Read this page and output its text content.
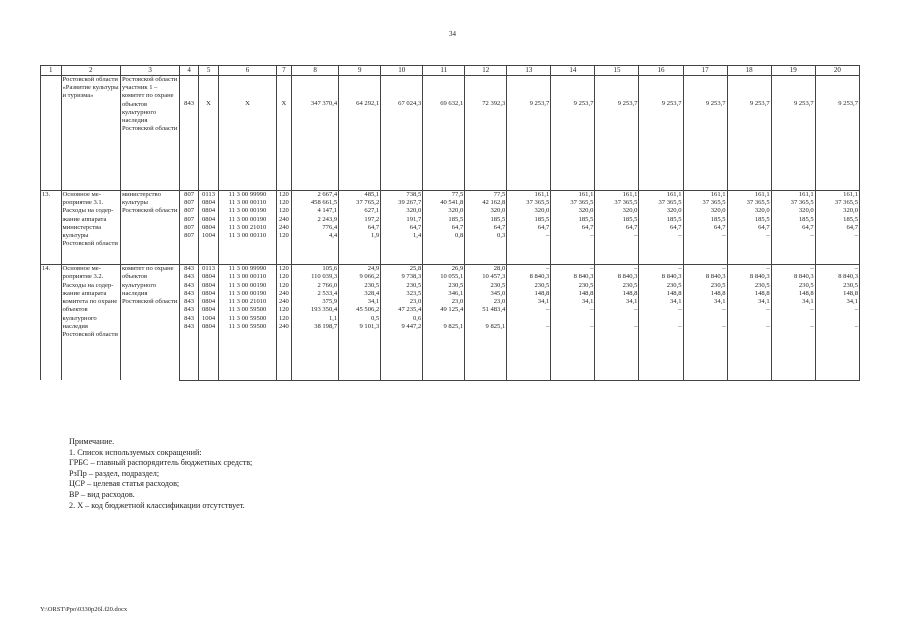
34
1	2	3	4	5	6	7	8	9	10	11	12	13	14	15	16	17	18	19	20
	Ростовской области «Развитие культуры и туризма»	Ростовской области участник 1 – комитет по охране объектов культурного наследия Ростовской области	843	X	X	X	347 370,4	64 292,1	67 024,3	69 632,1	72 392,3	9 253,7	9 253,7	9 253,7	9 253,7	9 253,7	9 253,7	9 253,7	9 253,7
13.	Основное ме-роприятие 3.1. Расходы на содер-жание аппарата министерства культуры Ростовской области	министерство культуры Ростовской области	807	0113	11 3 00 99990	120	2 667,4	485,1	738,5	77,5	77,5	161,1	161,1	161,1	161,1	161,1	161,1	161,1	161,1
			807	0804	11 3 00 00110	120	458 661,5	37 765,2	39 267,7	40 541,8	42 162,8	37 365,5	37 365,5	37 365,5	37 365,5	37 365,5	37 365,5	37 365,5	37 365,5
			807	0804	11 3 00 00190	120	4 147,1	627,1	320,0	320,0	320,0	320,0	320,0	320,0	320,0	320,0	320,0	320,0	320,0
			807	0804	11 3 00 00190	240	2 243,9	197,2	191,7	185,5	185,5	185,5	185,5	185,5	185,5	185,5	185,5	185,5	185,5
			807	0804	11 3 00 21010	240	776,4	64,7	64,7	64,7	64,7	64,7	64,7	64,7	64,7	64,7	64,7	64,7	64,7
			807	1004	11 3 00 00110	120	4,4	1,9	1,4	0,8	0,3	–	–	–	–	–	–	–	–

14.	Основное ме-роприятие 3.2. Расходы на содер-жание аппарата комитета по охране объектов культурного наследия Ростовской области	комитет по охране объектов культурного наследия Ростовской области	843	0113	11 3 00 99990	120	105,6	24,9	25,8	26,9	28,0	–	–	–	–	–	–	–	–
			843	0804	11 3 00 00110	120	110 039,3	9 066,2	9 738,3	10 055,1	10 457,3	8 840,3	8 840,3	8 840,3	8 840,3	8 840,3	8 840,3	8 840,3	8 840,3
			843	0804	11 3 00 00190	120	2 766,0	230,5	230,5	230,5	230,5	230,5	230,5	230,5	230,5	230,5	230,5	230,5	230,5
			843	0804	11 3 00 00190	240	2 533,4	328,4	323,5	346,1	345,0	148,8	148,8	148,8	148,8	148,8	148,8	148,8	148,8
			843	0804	11 3 00 21010	240	375,9	34,1	23,0	23,0	23,0	34,1	34,1	34,1	34,1	34,1	34,1	34,1	34,1
			843	0804	11 3 00 59500	120	193 350,4	45 506,2	47 235,4	49 125,4	51 483,4	–	–	–	–	–	–	–	–
			843	1004	11 3 00 59500	120	1,1	0,5	0,6										
			843	0804	11 3 00 59500	240	38 198,7	9 101,3	9 447,2	9 825,1	9 825,1	–	–	–	–	–	–	–	–

Примечание.
1. Список используемых сокращений:
ГРБС – главный распорядитель бюджетных средств;
РзПр – раздел, подраздел;
ЦСР – целевая статья расходов;
ВР – вид расходов.
2. X – код бюджетной классификации отсутствует.
Y:\ORST\Ppo\0330p26l.f20.docx
